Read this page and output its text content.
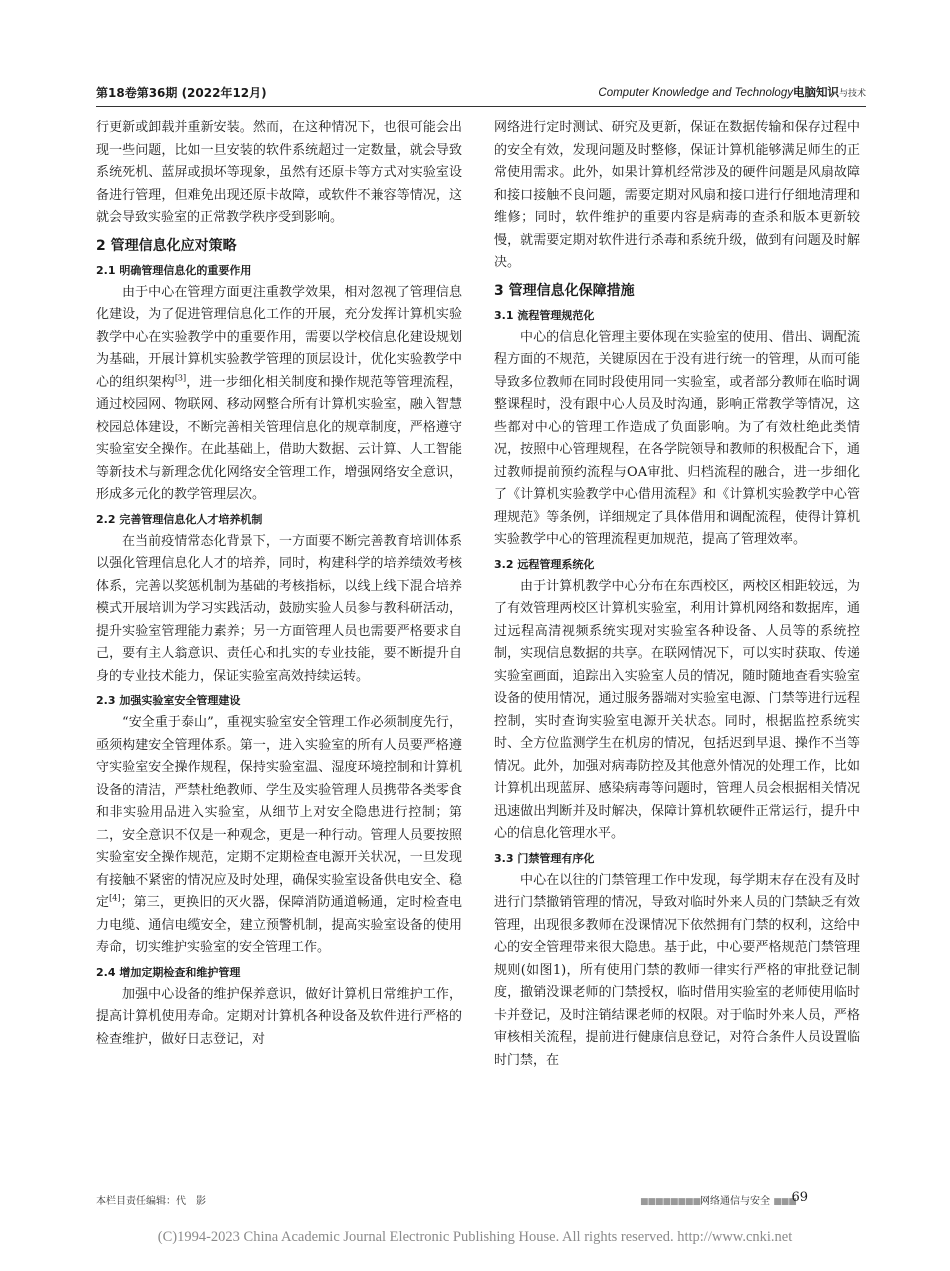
第18卷第36期 (2022年12月)	Computer Knowledge and Technology电脑知识与技术

行更新或卸载并重新安装。然而，在这种情况下，也很可能会出现一些问题，比如一旦安装的软件系统超过一定数量，就会导致系统死机、蓝屏或损坏等现象，虽然有还原卡等方式对实验室设备进行管理，但难免出现还原卡故障，或软件不兼容等情况，这就会导致实验室的正常教学秩序受到影响。

2 管理信息化应对策略
2.1 明确管理信息化的重要作用

由于中心在管理方面更注重教学效果，相对忽视了管理信息化建设，为了促进管理信息化工作的开展，充分发挥计算机实验教学中心在实验教学中的重要作用，需要以学校信息化建设规划为基础，开展计算机实验教学管理的顶层设计，优化实验教学中心的组织架构[3]，进一步细化相关制度和操作规范等管理流程，通过校园网、物联网、移动网整合所有计算机实验室，融入智慧校园总体建设，不断完善相关管理信息化的规章制度，严格遵守实验室安全操作。在此基础上，借助大数据、云计算、人工智能等新技术与新理念优化网络安全管理工作，增强网络安全意识，形成多元化的教学管理层次。

2.2 完善管理信息化人才培养机制

在当前疫情常态化背景下，一方面要不断完善教育培训体系以强化管理信息化人才的培养，同时，构建科学的培养绩效考核体系，完善以奖惩机制为基础的考核指标，以线上线下混合培养模式开展培训为学习实践活动，鼓励实验人员参与教科研活动，提升实验室管理能力素养；另一方面管理人员也需要严格要求自己，要有主人翁意识、责任心和扎实的专业技能，要不断提升自身的专业技术能力，保证实验室高效持续运转。

2.3 加强实验室安全管理建设

“安全重于泰山”，重视实验室安全管理工作必须制度先行，亟须构建安全管理体系。第一，进入实验室的所有人员要严格遵守实验室安全操作规程，保持实验室温、湿度环境控制和计算机设备的清洁，严禁杜绝教师、学生及实验管理人员携带各类零食和非实验用品进入实验室，从细节上对安全隐患进行控制；第二，安全意识不仅是一种观念，更是一种行动。管理人员要按照实验室安全操作规范，定期不定期检查电源开关状况，一旦发现有接触不紧密的情况应及时处理，确保实验室设备供电安全、稳定[4]；第三，更换旧的灭火器，保障消防通道畅通，定时检查电力电缆、通信电缆安全，建立预警机制，提高实验室设备的使用寿命，切实维护实验室的安全管理工作。

2.4 增加定期检查和维护管理

加强中心设备的维护保养意识，做好计算机日常维护工作，提高计算机使用寿命。定期对计算机各种设备及软件进行严格的检查维护，做好日志登记，对

网络进行定时测试、研究及更新，保证在数据传输和保存过程中的安全有效，发现问题及时整修，保证计算机能够满足师生的正常使用需求。此外，如果计算机经常涉及的硬件问题是风扇故障和接口接触不良问题，需要定期对风扇和接口进行仔细地清理和维修；同时，软件维护的重要内容是病毒的查杀和版本更新较慢，就需要定期对软件进行杀毒和系统升级，做到有问题及时解决。

3 管理信息化保障措施
3.1 流程管理规范化

中心的信息化管理主要体现在实验室的使用、借出、调配流程方面的不规范，关键原因在于没有进行统一的管理，从而可能导致多位教师在同时段使用同一实验室，或者部分教师在临时调整课程时，没有跟中心人员及时沟通，影响正常教学等情况，这些都对中心的管理工作造成了负面影响。为了有效杜绝此类情况，按照中心管理规程，在各学院领导和教师的积极配合下，通过教师提前预约流程与OA审批、归档流程的融合，进一步细化了《计算机实验教学中心借用流程》和《计算机实验教学中心管理规范》等条例，详细规定了具体借用和调配流程，使得计算机实验教学中心的管理流程更加规范，提高了管理效率。

3.2 远程管理系统化

由于计算机教学中心分布在东西校区，两校区相距较远，为了有效管理两校区计算机实验室，利用计算机网络和数据库，通过远程高清视频系统实现对实验室各种设备、人员等的系统控制，实现信息数据的共享。在联网情况下，可以实时获取、传递实验室画面，追踪出入实验室人员的情况，随时随地查看实验室设备的使用情况，通过服务器端对实验室电源、门禁等进行远程控制，实时查询实验室电源开关状态。同时，根据监控系统实时、全方位监测学生在机房的情况，包括迟到早退、操作不当等情况。此外，加强对病毒防控及其他意外情况的处理工作，比如计算机出现蓝屏、感染病毒等问题时，管理人员会根据相关情况迅速做出判断并及时解决，保障计算机软硬件正常运行，提升中心的信息化管理水平。

3.3 门禁管理有序化

中心在以往的门禁管理工作中发现，每学期末存在没有及时进行门禁撤销管理的情况，导致对临时外来人员的门禁缺乏有效管理，出现很多教师在没课情况下依然拥有门禁的权利，这给中心的安全管理带来很大隐患。基于此，中心要严格规范门禁管理规则(如图1)，所有使用门禁的教师一律实行严格的审批登记制度，撤销没课老师的门禁授权，临时借用实验室的老师使用临时卡并登记，及时注销结课老师的权限。对于临时外来人员，严格审核相关流程，提前进行健康信息登记，对符合条件人员设置临时门禁，在

本栏目责任编辑：代　影	■■■■■■■■网络通信与安全 ■■■
69
(C)1994-2023 China Academic Journal Electronic Publishing House. All rights reserved. http://www.cnki.net
